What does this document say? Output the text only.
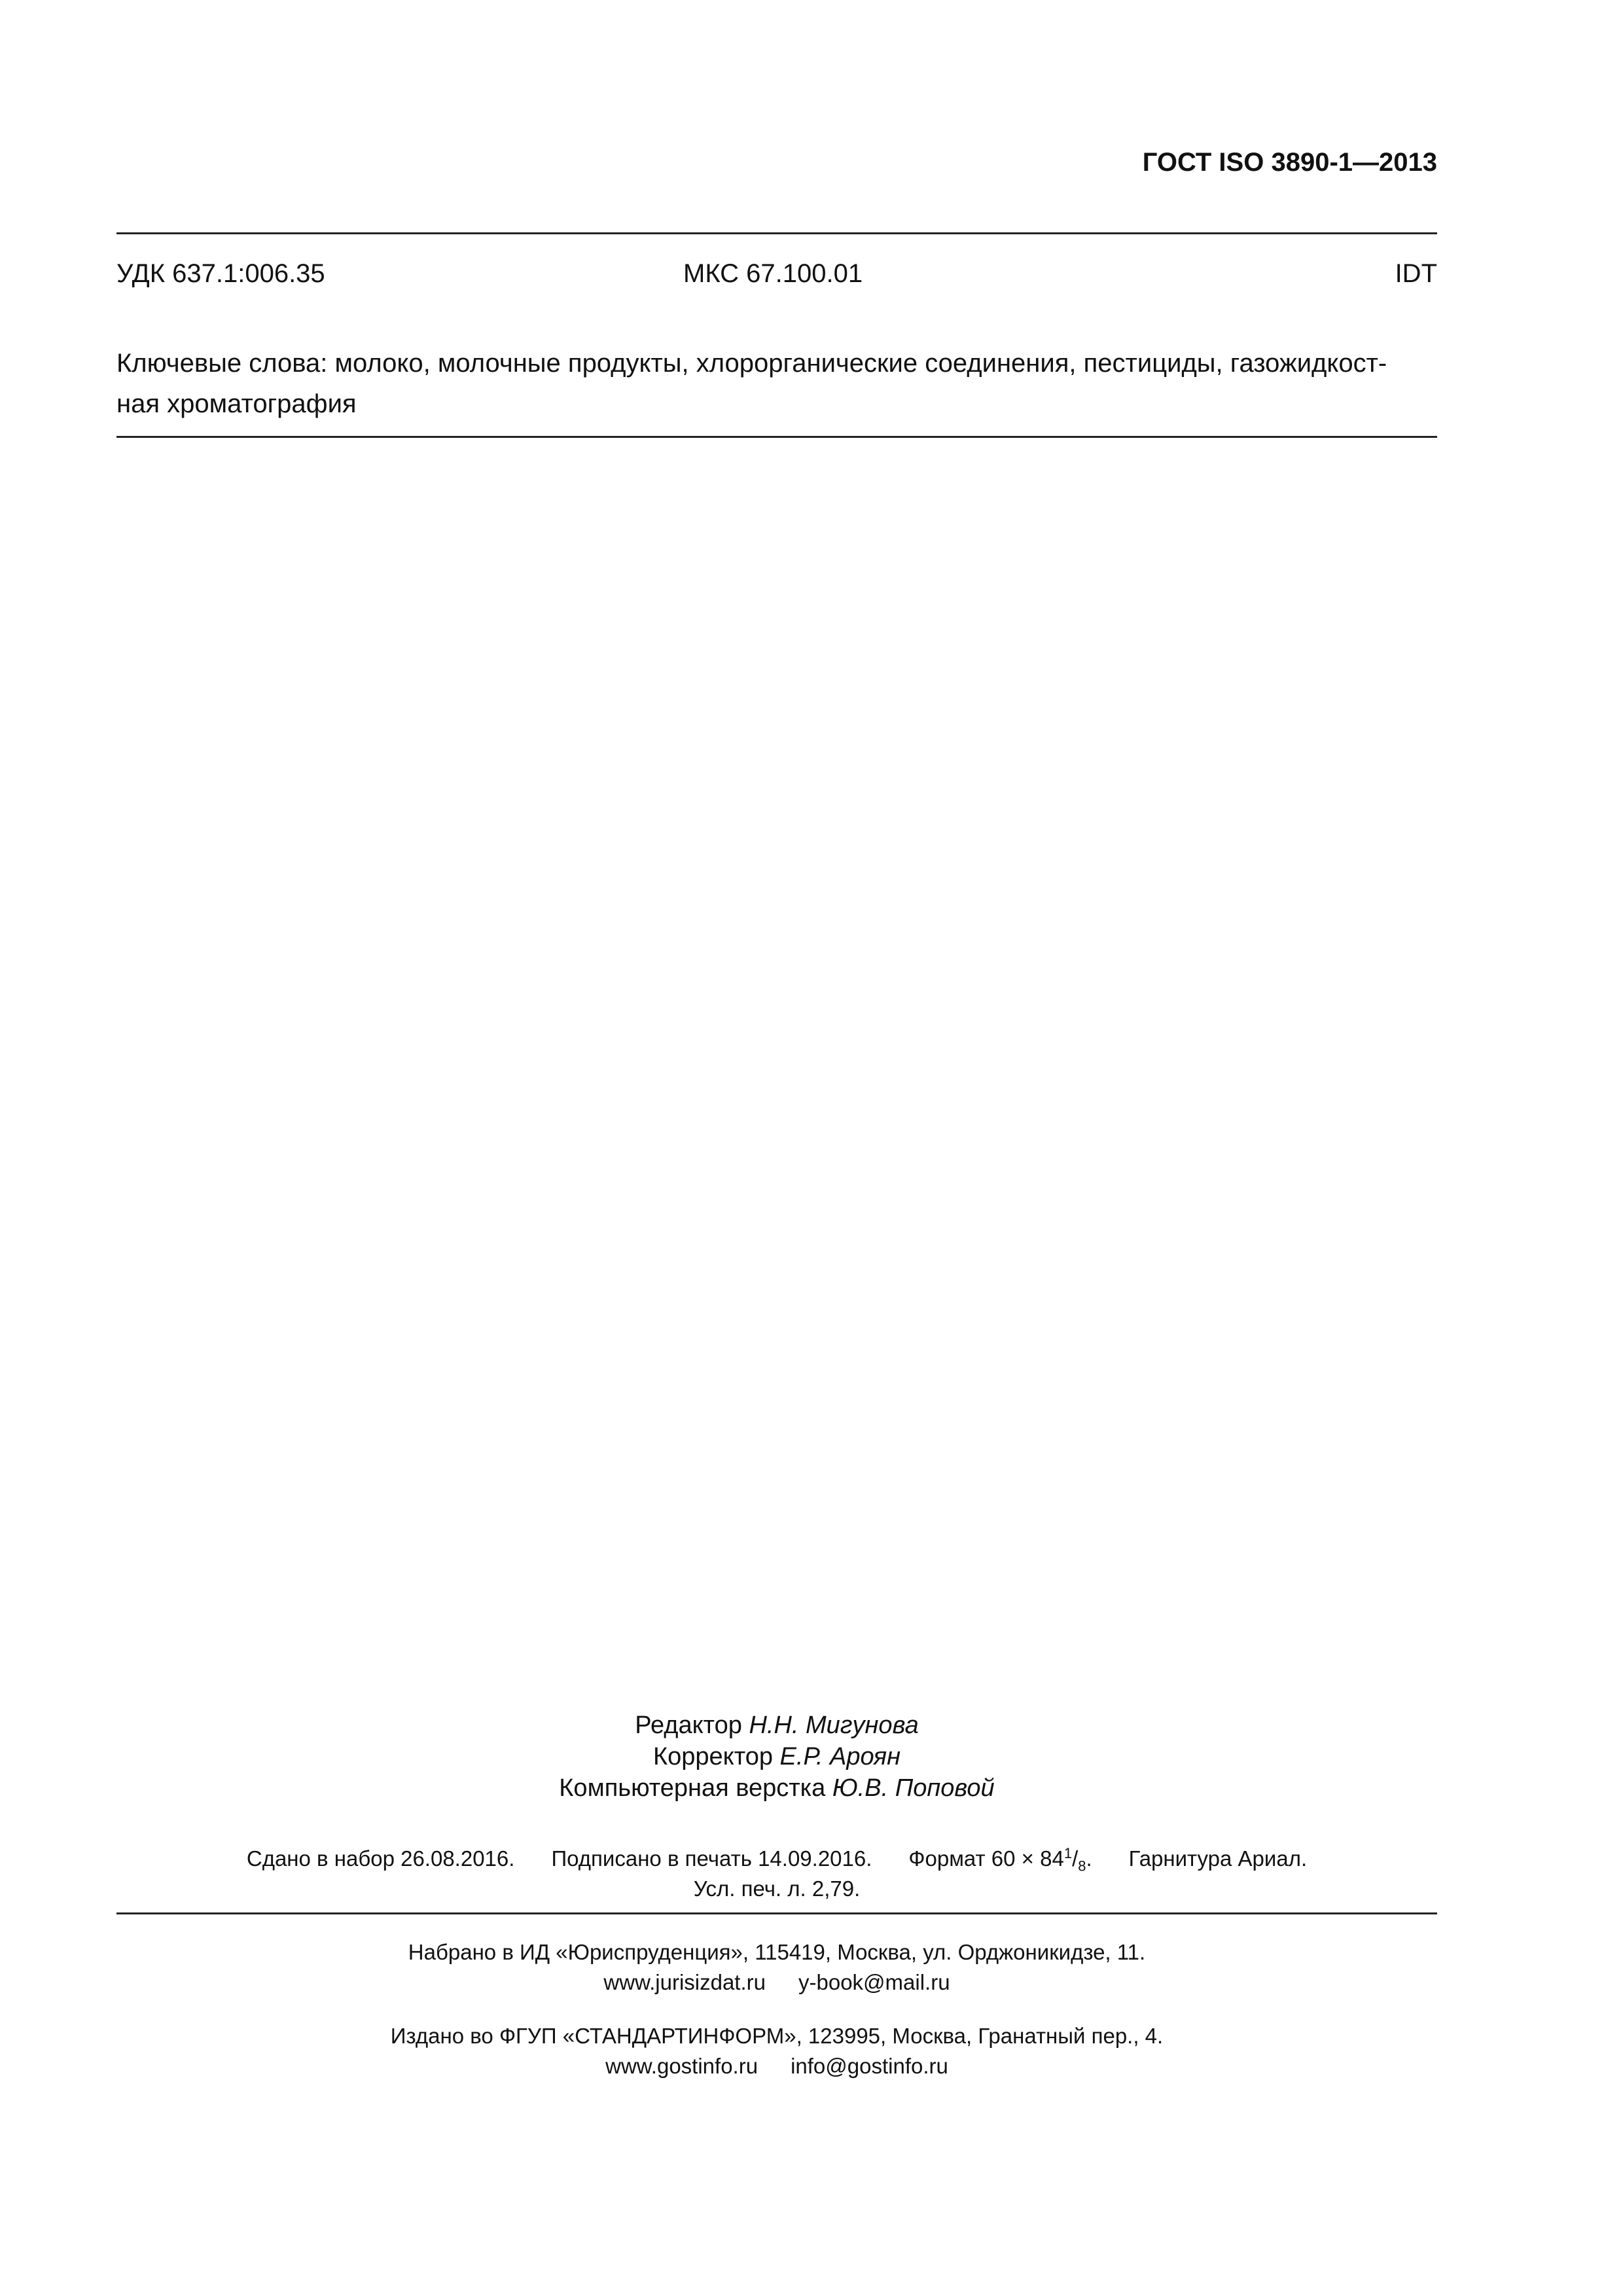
ГОСТ ISO 3890-1—2013
УДК 637.1:006.35	МКС 67.100.01	IDT
Ключевые слова: молоко, молочные продукты, хлорорганические соединения, пестициды, газожидкост-
ная хроматография
Редактор Н.Н. Мигунова
Корректор Е.Р. Ароян
Компьютерная верстка Ю.В. Поповой
Сдано в набор 26.08.2016. Подписано в печать 14.09.2016. Формат $60 \times 84^1/_8$. Гарнитура Ариал.
Усл. печ. л. 2,79.
Набрано в ИД «Юриспруденция», 115419, Москва, ул. Орджоникидзе, 11.
www.jurisizdat.ru y-book@mail.ru
Издано во ФГУП «СТАНДАРТИНФОРМ», 123995, Москва, Гранатный пер., 4.
www.gostinfo.ru info@gostinfo.ru
